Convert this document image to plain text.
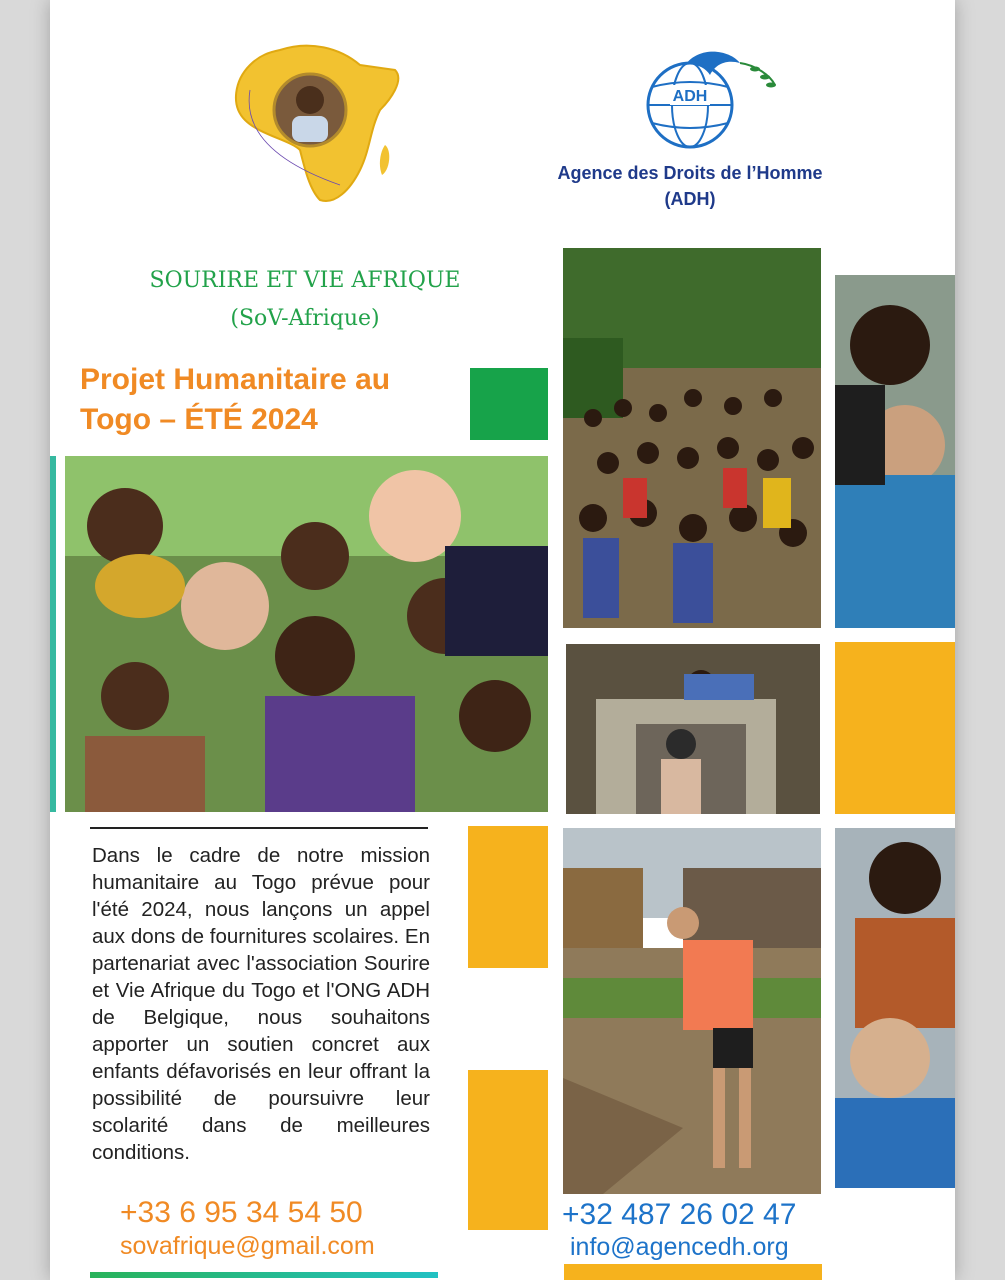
ADH
Agence des Droits de l’Homme
(ADH)
SOURIRE ET VIE AFRIQUE
(SoV-Afrique)
Projet Humanitaire au
Togo – ÉTÉ 2024
Dans le cadre de notre mission humanitaire au Togo prévue pour l'été 2024, nous lançons un appel aux dons de fournitures scolaires. En partenariat avec l'association Sourire et Vie Afrique du Togo et l'ONG ADH de Belgique, nous souhaitons apporter un soutien concret aux enfants défavorisés en leur offrant la possibilité de poursuivre leur scolarité dans de meilleures conditions.
+33 6 95 34 54 50
sovafrique@gmail.com
+32 487 26 02 47
info@agencedh.org
